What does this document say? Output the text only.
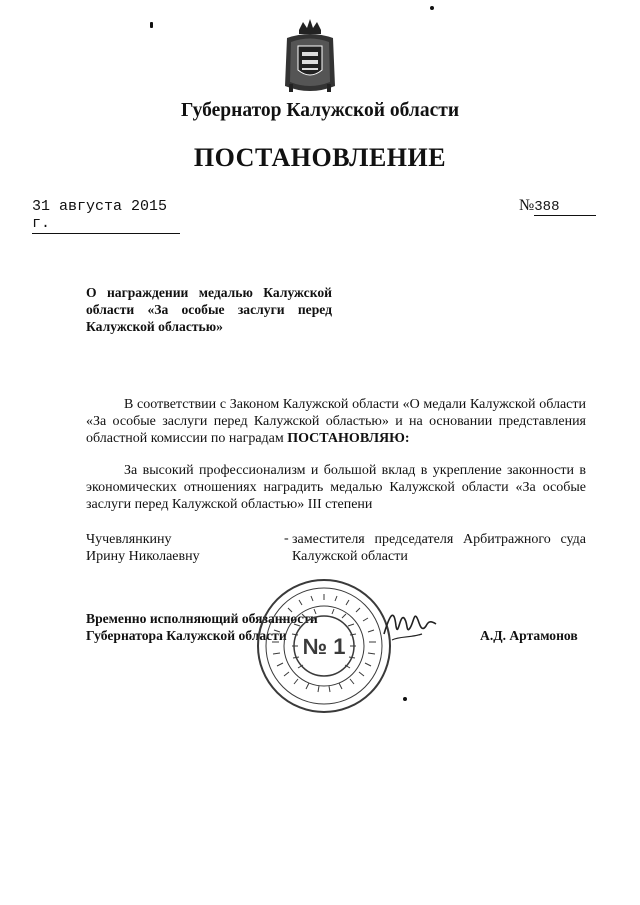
Губернатор Калужской области
ПОСТАНОВЛЕНИЕ
31 августа 2015 г.
№388
О награждении медалью Калужской области «За особые заслуги перед Калужской областью»
В соответствии с Законом Калужской области «О медали Калужской области «За особые заслуги перед Калужской областью» и на основании представления областной комиссии по наградам ПОСТАНОВЛЯЮ:
За высокий профессионализм и большой вклад в укрепление законности в экономических отношениях наградить медалью Калужской области «За особые заслуги перед Калужской областью» III степени
Чучевлянкину
Ирину Николаевну
- заместителя председателя Арбитражного суда Калужской области
Временно исполняющий обязанности
Губернатора Калужской области	А.Д. Артамонов
№ 1
